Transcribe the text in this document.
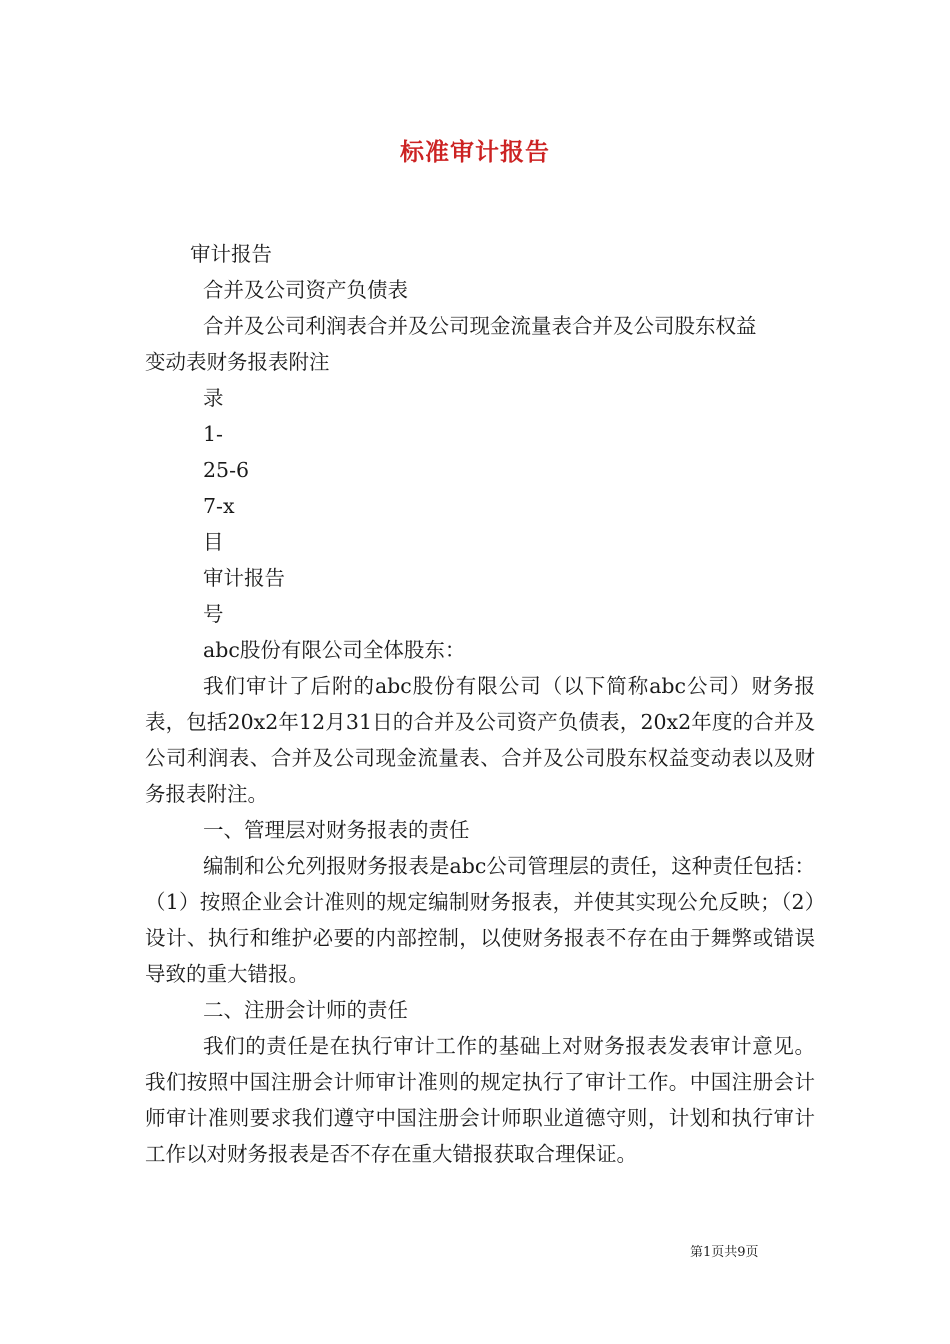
标准审计报告

审计报告

合并及公司资产负债表

合并及公司利润表合并及公司现金流量表合并及公司股东权益

变动表财务报表附注

录

1-

25-6

7-x

目

审计报告

号

abc股份有限公司全体股东：

我们审计了后附的abc股份有限公司（以下简称abc公司）财务报表，包括20x2年12月31日的合并及公司资产负债表，20x2年度的合并及公司利润表、合并及公司现金流量表、合并及公司股东权益变动表以及财务报表附注。

一、管理层对财务报表的责任

编制和公允列报财务报表是abc公司管理层的责任，这种责任包括：（1）按照企业会计准则的规定编制财务报表，并使其实现公允反映；（2）设计、执行和维护必要的内部控制，以使财务报表不存在由于舞弊或错误导致的重大错报。

二、注册会计师的责任

我们的责任是在执行审计工作的基础上对财务报表发表审计意见。我们按照中国注册会计师审计准则的规定执行了审计工作。中国注册会计师审计准则要求我们遵守中国注册会计师职业道德守则，计划和执行审计工作以对财务报表是否不存在重大错报获取合理保证。

第1页共9页
